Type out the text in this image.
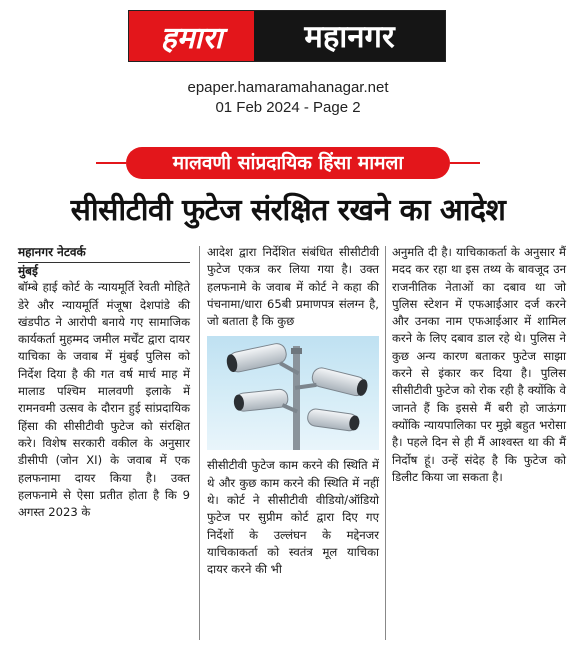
हमारा	महानगर
epaper.hamaramahanagar.net
01 Feb 2024 - Page 2
मालवणी सांप्रदायिक हिंसा मामला
सीसीटीवी फुटेज संरक्षित रखने का आदेश
महानगर नेटवर्क
मुंबई

बॉम्बे हाई कोर्ट के न्यायमूर्ति रेवती मोहिते डेरे और न्यायमूर्ति मंजूषा देशपांडे की खंडपीठ ने आरोपी बनाये गए सामाजिक कार्यकर्ता मुहम्मद जमील मर्चेंट द्वारा दायर याचिका के जवाब में मुंबई पुलिस को निर्देश दिया है की गत वर्ष मार्च माह में मालाड पश्चिम मालवणी इलाके में रामनवमी उत्सव के दौरान हुई सांप्रदायिक हिंसा की सीसीटीवी फुटेज को संरक्षित करे। विशेष सरकारी वकील के अनुसार डीसीपी (जोन XI) के जवाब में एक हलफनामा दायर किया है। उक्त हलफनामे से ऐसा प्रतीत होता है कि 9 अगस्त 2023 के

आदेश द्वारा निर्देशित संबंधित सीसीटीवी फुटेज एकत्र कर लिया गया है। उक्त हलफनामे के जवाब में कोर्ट ने कहा की पंचनामा/धारा 65बी प्रमाणपत्र संलग्न है, जो बताता है कि कुछ

सीसीटीवी फुटेज काम करने की स्थिति में थे और कुछ काम करने की स्थिति में नहीं थे। कोर्ट ने सीसीटीवी वीडियो/ऑडियो फुटेज पर सुप्रीम कोर्ट द्वारा दिए गए निर्देशों के उल्लंघन के मद्देनजर याचिकाकर्ता को स्वतंत्र मूल याचिका दायर करने की भी

अनुमति दी है। याचिकाकर्ता के अनुसार मैं मदद कर रहा था इस तथ्य के बावजूद उन राजनीतिक नेताओं का दबाव था जो पुलिस स्टेशन में एफआईआर दर्ज करने और उनका नाम एफआईआर में शामिल करने के लिए दबाव डाल रहे थे। पुलिस ने कुछ अन्य कारण बताकर फुटेज साझा करने से इंकार कर दिया है। पुलिस सीसीटीवी फुटेज को रोक रही है क्योंकि वे जानते हैं कि इससे मैं बरी हो जाऊंगा क्योंकि न्यायपालिका पर मुझे बहुत भरोसा है। पहले दिन से ही मैं आश्वस्त था की मैं निर्दोष हूं। उन्हें संदेह है कि फुटेज को डिलीट किया जा सकता है।
